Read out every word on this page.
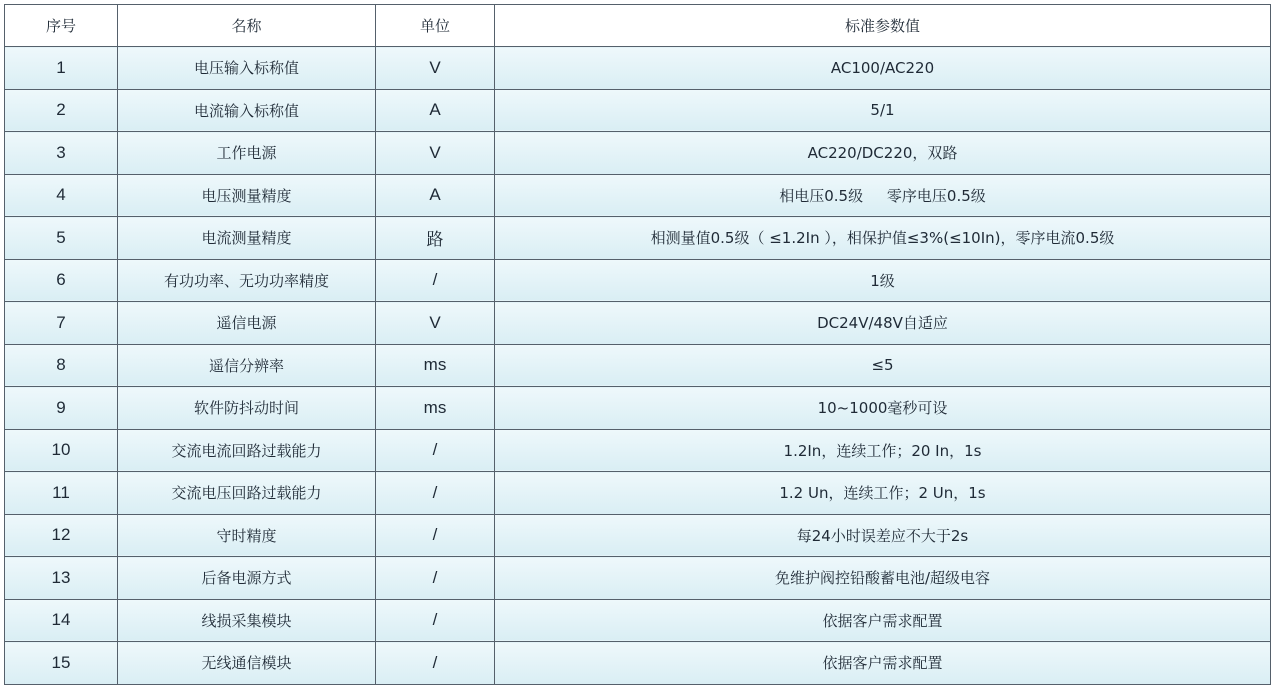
序号	名称	单位	标准参数值
1	电压输入标称值	V	AC100/AC220
2	电流输入标称值	A	5/1
3	工作电源	V	AC220/DC220，双路
4	电压测量精度	A	相电压0.5级     零序电压0.5级
5	电流测量精度	路	相测量值0.5级（ ≤1.2In ），相保护值≤3%(≤10In)，零序电流0.5级
6	有功功率、无功功率精度	/	1级
7	遥信电源	V	DC24V/48V自适应
8	遥信分辨率	ms	≤5
9	软件防抖动时间	ms	10~1000毫秒可设
10	交流电流回路过载能力	/	1.2In，连续工作；20 In，1s
11	交流电压回路过载能力	/	1.2 Un，连续工作；2 Un，1s
12	守时精度	/	每24小时误差应不大于2s
13	后备电源方式	/	免维护阀控铅酸蓄电池/超级电容
14	线损采集模块	/	依据客户需求配置
15	无线通信模块	/	依据客户需求配置
